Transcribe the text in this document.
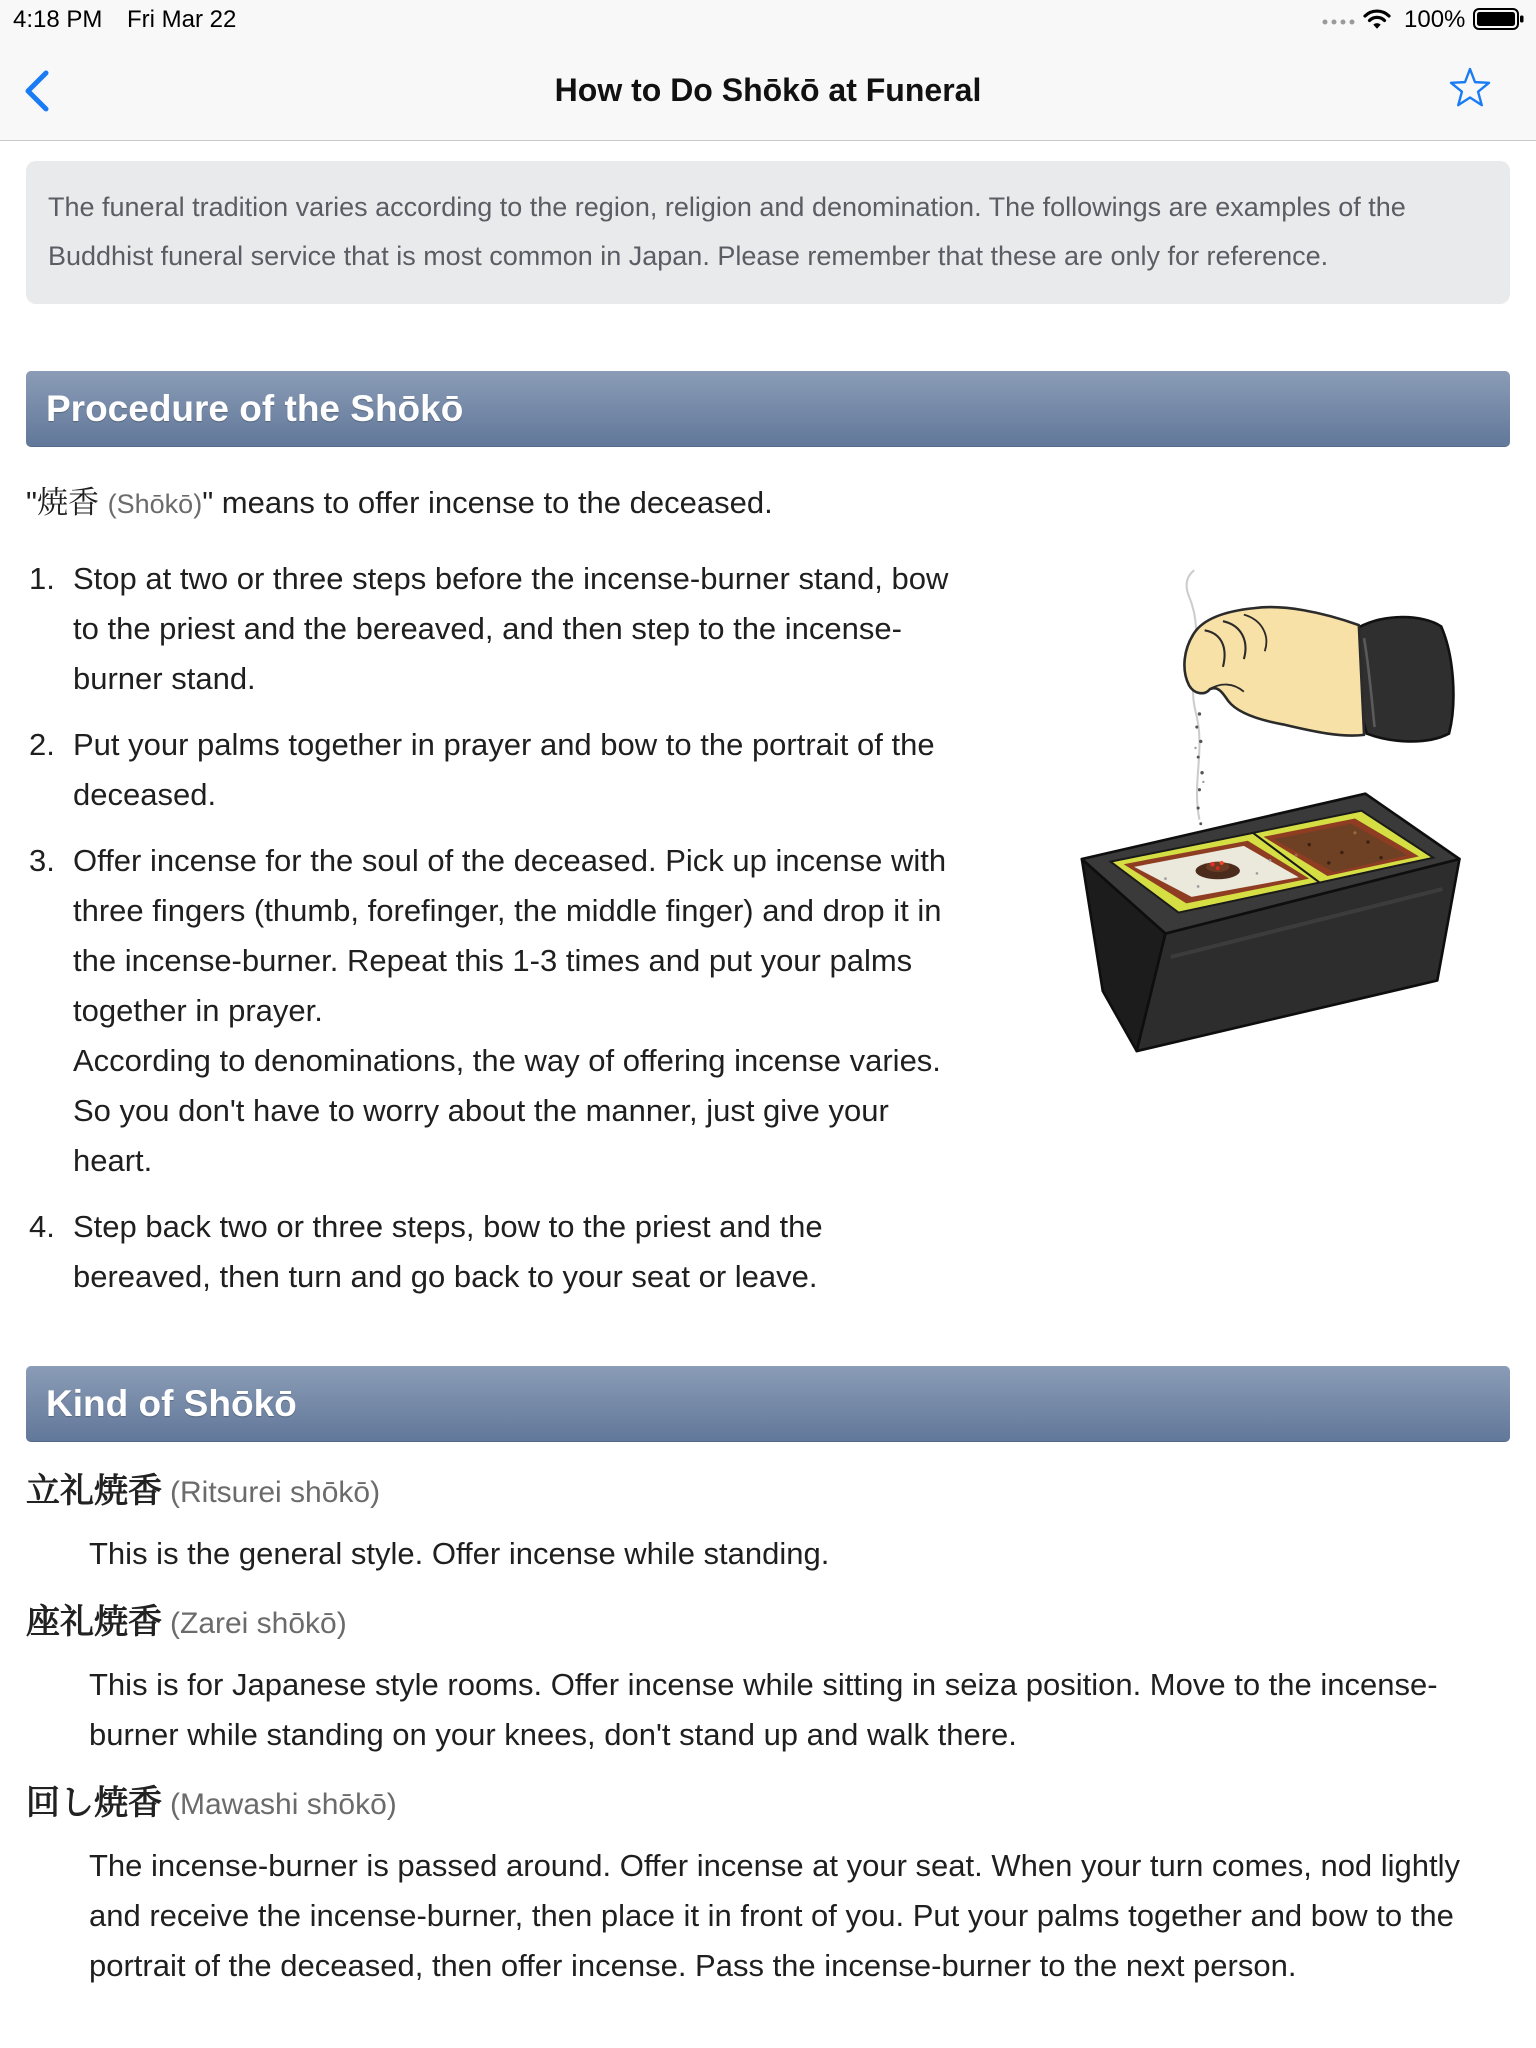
4:18 PM Fri Mar 22	100%
How to Do Shōkō at Funeral
The funeral tradition varies according to the region, religion and denomination. The followings are examples of the
Buddhist funeral service that is most common in Japan. Please remember that these are only for reference.
Procedure of the Shōkō
"焼香 (Shōkō)" means to offer incense to the deceased.
1. Stop at two or three steps before the incense-burner stand, bow
to the priest and the bereaved, and then step to the incense-
burner stand.
2. Put your palms together in prayer and bow to the portrait of the
deceased.
3. Offer incense for the soul of the deceased. Pick up incense with
three fingers (thumb, forefinger, the middle finger) and drop it in
the incense-burner. Repeat this 1-3 times and put your palms
together in prayer.
According to denominations, the way of offering incense varies.
So you don't have to worry about the manner, just give your
heart.
4. Step back two or three steps, bow to the priest and the
bereaved, then turn and go back to your seat or leave.
Kind of Shōkō
立礼焼香 (Ritsurei shōkō)
This is the general style. Offer incense while standing.
座礼焼香 (Zarei shōkō)
This is for Japanese style rooms. Offer incense while sitting in seiza position. Move to the incense-
burner while standing on your knees, don't stand up and walk there.
回し焼香 (Mawashi shōkō)
The incense-burner is passed around. Offer incense at your seat. When your turn comes, nod lightly
and receive the incense-burner, then place it in front of you. Put your palms together and bow to the
portrait of the deceased, then offer incense. Pass the incense-burner to the next person.
